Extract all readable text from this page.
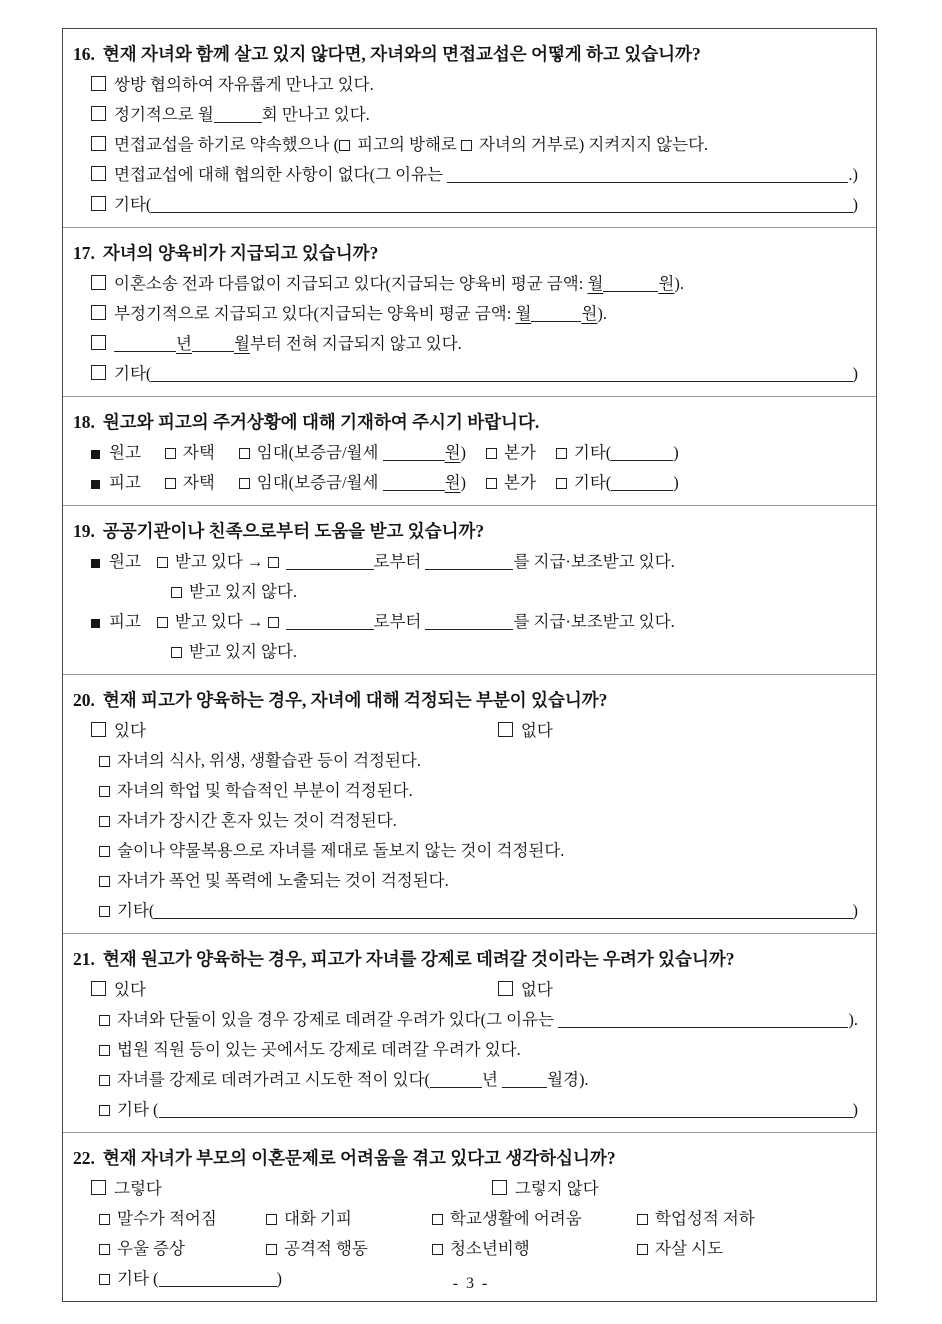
16. 현재 자녀와 함께 살고 있지 않다면, 자녀와의 면접교섭은 어떻게 하고 있습니까?
쌍방 협의하여 자유롭게 만나고 있다.
정기적으로 월	회 만나고 있다.
면접교섭을 하기로 약속했으나 ( 피고의 방해로 자녀의 거부로) 지켜지지 않는다.
면접교섭에 대해 협의한 사항이 없다(그 이유는	.)
기타(	)
17. 자녀의 양육비가 지급되고 있습니까?
이혼소송 전과 다름없이 지급되고 있다(지급되는 양육비 평균 금액: 월	원 ).
부정기적으로 지급되고 있다(지급되는 양육비 평균 금액: 월	원 ).
년	월 부터 전혀 지급되지 않고 있다.
기타(	)
18. 원고와 피고의 주거상황에 대해 기재하여 주시기 바랍니다.
원고	자택	임대(보증금/월세	원 ) 본가 기타(	)
피고	자택	임대(보증금/월세	원 ) 본가 기타(	)
19. 공공기관이나 친족으로부터 도움을 받고 있습니까?
원고 받고 있다 →	로부터	를 지급·보조받고 있다.
받고 있지 않다.
피고 받고 있다 →	로부터	를 지급·보조받고 있다.
받고 있지 않다.
20. 현재 피고가 양육하는 경우, 자녀에 대해 걱정되는 부분이 있습니까?
있다	없다
자녀의 식사, 위생, 생활습관 등이 걱정된다.
자녀의 학업 및 학습적인 부분이 걱정된다.
자녀가 장시간 혼자 있는 것이 걱정된다.
술이나 약물복용으로 자녀를 제대로 돌보지 않는 것이 걱정된다.
자녀가 폭언 및 폭력에 노출되는 것이 걱정된다.
기타(	)
21. 현재 원고가 양육하는 경우, 피고가 자녀를 강제로 데려갈 것이라는 우려가 있습니까?
있다	없다
자녀와 단둘이 있을 경우 강제로 데려갈 우려가 있다(그 이유는	).
법원 직원 등이 있는 곳에서도 강제로 데려갈 우려가 있다.
자녀를 강제로 데려가려고 시도한 적이 있다(	년	월경).
기타 (	)
22. 현재 자녀가 부모의 이혼문제로 어려움을 겪고 있다고 생각하십니까?
그렇다	그렇지 않다
말수가 적어짐	대화 기피	학교생활에 어려움	학업성적 저하
우울 증상	공격적 행동	청소년비행	자살 시도
기타 (	)	- 3 -
